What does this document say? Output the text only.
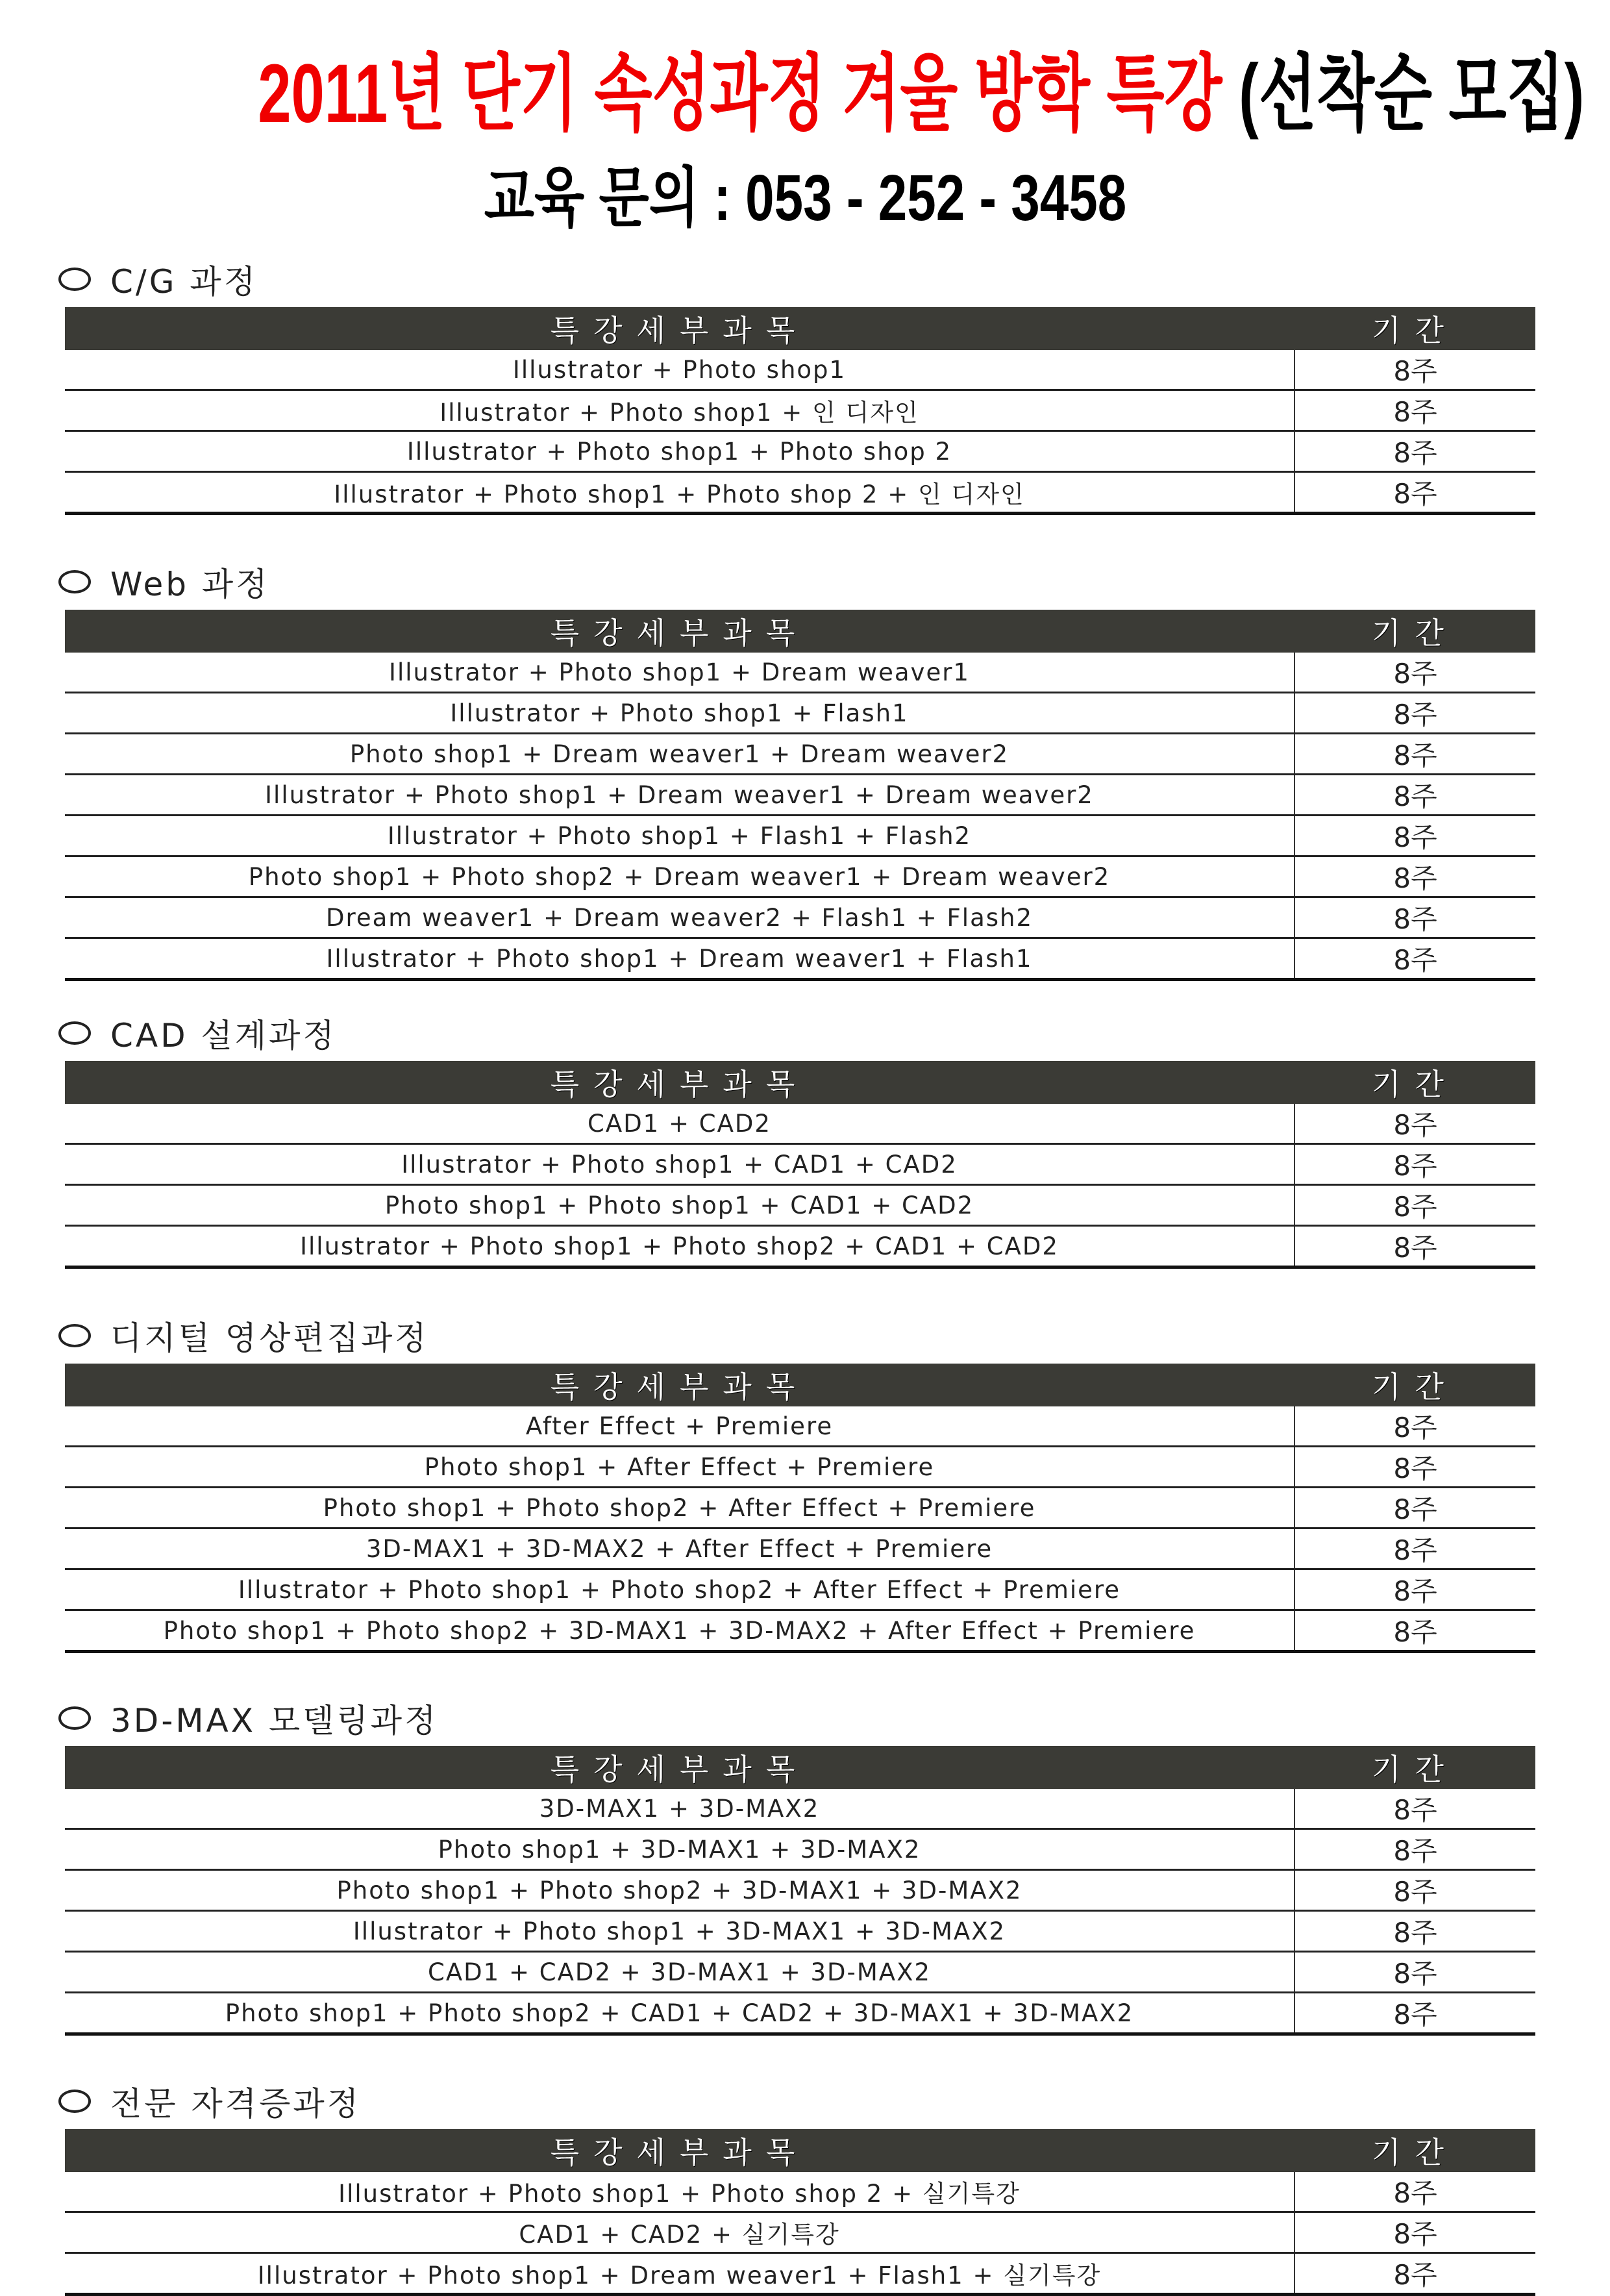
2011년 단기 속성과정 겨울 방학 특강 (선착순 모집)
교육 문의 : 053 - 252 - 3458
C/G 과정
특강세부과목	기간
Illustrator + Photo shop1	8주
Illustrator + Photo shop1 + 인 디자인	8주
Illustrator + Photo shop1 + Photo shop 2	8주
Illustrator + Photo shop1 + Photo shop 2 + 인 디자인	8주
Web 과정
특강세부과목	기간
Illustrator + Photo shop1 + Dream weaver1	8주
Illustrator + Photo shop1 + Flash1	8주
Photo shop1 + Dream weaver1 + Dream weaver2	8주
Illustrator + Photo shop1 + Dream weaver1 + Dream weaver2	8주
Illustrator + Photo shop1 + Flash1 + Flash2	8주
Photo shop1 + Photo shop2 + Dream weaver1 + Dream weaver2	8주
Dream weaver1 + Dream weaver2 + Flash1 + Flash2	8주
Illustrator + Photo shop1 + Dream weaver1 + Flash1	8주
CAD 설계과정
특강세부과목	기간
CAD1 + CAD2	8주
Illustrator + Photo shop1 + CAD1 + CAD2	8주
Photo shop1 + Photo shop1 + CAD1 + CAD2	8주
Illustrator + Photo shop1 + Photo shop2 + CAD1 + CAD2	8주
디지털 영상편집과정
특강세부과목	기간
After Effect + Premiere	8주
Photo shop1 + After Effect + Premiere	8주
Photo shop1 + Photo shop2 + After Effect + Premiere	8주
3D-MAX1 + 3D-MAX2 + After Effect + Premiere	8주
Illustrator + Photo shop1 + Photo shop2 + After Effect + Premiere	8주
Photo shop1 + Photo shop2 + 3D-MAX1 + 3D-MAX2 + After Effect + Premiere	8주
3D-MAX 모델링과정
특강세부과목	기간
3D-MAX1 + 3D-MAX2	8주
Photo shop1 + 3D-MAX1 + 3D-MAX2	8주
Photo shop1 + Photo shop2 + 3D-MAX1 + 3D-MAX2	8주
Illustrator + Photo shop1 + 3D-MAX1 + 3D-MAX2	8주
CAD1 + CAD2 + 3D-MAX1 + 3D-MAX2	8주
Photo shop1 + Photo shop2 + CAD1 + CAD2 + 3D-MAX1 + 3D-MAX2	8주
전문 자격증과정
특강세부과목	기간
Illustrator + Photo shop1 + Photo shop 2 + 실기특강	8주
CAD1 + CAD2 + 실기특강	8주
Illustrator + Photo shop1 + Dream weaver1 + Flash1 + 실기특강	8주
